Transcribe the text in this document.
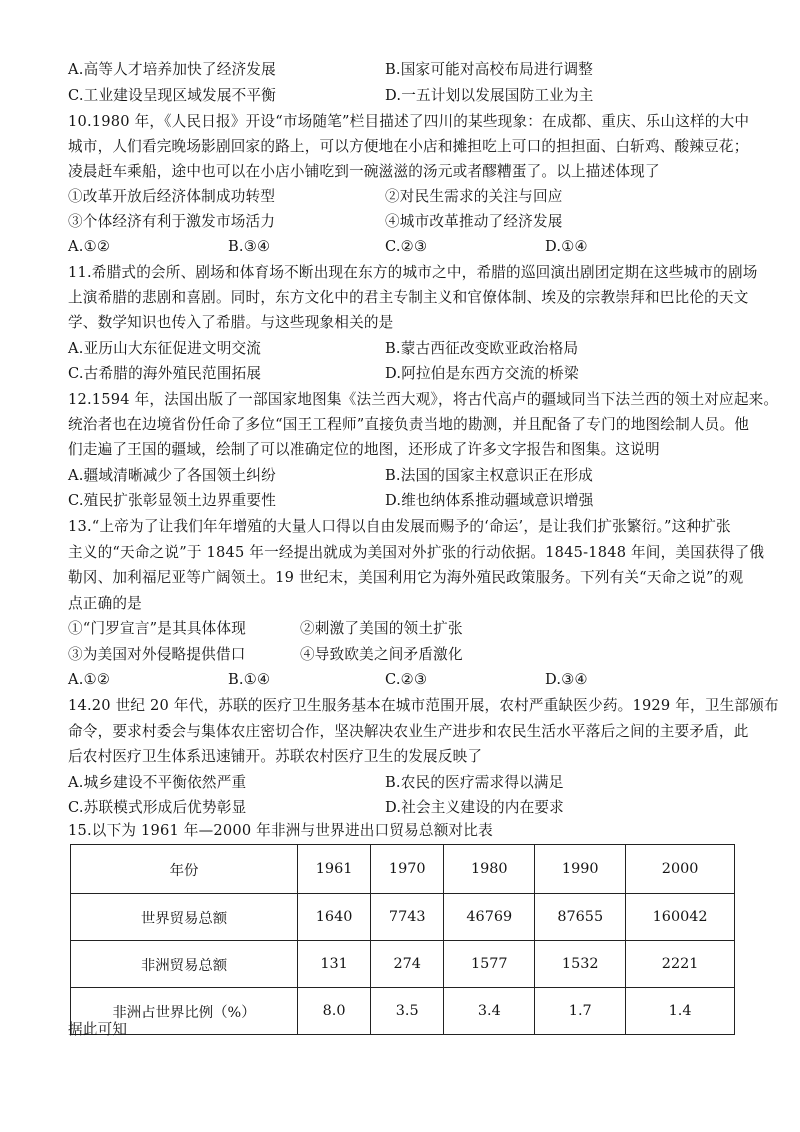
A.高等人才培养加快了经济发展	B.国家可能对高校布局进行调整
C.工业建设呈现区域发展不平衡	D.一五计划以发展国防工业为主
10.1980 年，《人民日报》开设“市场随笔”栏目描述了四川的某些现象：在成都、重庆、乐山这样的大中
城市，人们看完晚场影剧回家的路上，可以方便地在小店和摊担吃上可口的担担面、白斩鸡、酸辣豆花；
凌晨赶车乘船，途中也可以在小店小铺吃到一碗滋滋的汤元或者醪糟蛋了。以上描述体现了
①改革开放后经济体制成功转型	②对民生需求的关注与回应
③个体经济有利于激发市场活力	④城市改革推动了经济发展
A.①②	B.③④	C.②③	D.①④
11.希腊式的会所、剧场和体育场不断出现在东方的城市之中，希腊的巡回演出剧团定期在这些城市的剧场
上演希腊的悲剧和喜剧。同时，东方文化中的君主专制主义和官僚体制、埃及的宗教崇拜和巴比伦的天文
学、数学知识也传入了希腊。与这些现象相关的是
A.亚历山大东征促进文明交流	B.蒙古西征改变欧亚政治格局
C.古希腊的海外殖民范围拓展	D.阿拉伯是东西方交流的桥梁
12.1594 年，法国出版了一部国家地图集《法兰西大观》，将古代高卢的疆域同当下法兰西的领土对应起来。
统治者也在边境省份任命了多位“国王工程师”直接负责当地的勘测，并且配备了专门的地图绘制人员。他
们走遍了王国的疆域，绘制了可以准确定位的地图，还形成了许多文字报告和图集。这说明
A.疆域清晰减少了各国领土纠纷	B.法国的国家主权意识正在形成
C.殖民扩张彰显领土边界重要性	D.维也纳体系推动疆域意识增强
13.“上帝为了让我们年年增殖的大量人口得以自由发展而赐予的‘命运’，是让我们扩张繁衍。”这种扩张
主义的“天命之说”于 1845 年一经提出就成为美国对外扩张的行动依据。1845-1848 年间，美国获得了俄
勒冈、加利福尼亚等广阔领土。19 世纪末，美国利用它为海外殖民政策服务。下列有关“天命之说”的观
点正确的是
①“门罗宣言”是其具体体现	②刺激了美国的领土扩张
③为美国对外侵略提供借口	④导致欧美之间矛盾激化
A.①②	B.①④	C.②③	D.③④
14.20 世纪 20 年代，苏联的医疗卫生服务基本在城市范围开展，农村严重缺医少药。1929 年，卫生部颁布
命令，要求村委会与集体农庄密切合作，坚决解决农业生产进步和农民生活水平落后之间的主要矛盾，此
后农村医疗卫生体系迅速铺开。苏联农村医疗卫生的发展反映了
A.城乡建设不平衡依然严重	B.农民的医疗需求得以满足
C.苏联模式形成后优势彰显	D.社会主义建设的内在要求
15.以下为 1961 年—2000 年非洲与世界进出口贸易总额对比表
年份	1961	1970	1980	1990	2000
世界贸易总额	1640	7743	46769	87655	160042
非洲贸易总额	131	274	1577	1532	2221
非洲占世界比例（%）	8.0	3.5	3.4	1.7	1.4
据此可知
